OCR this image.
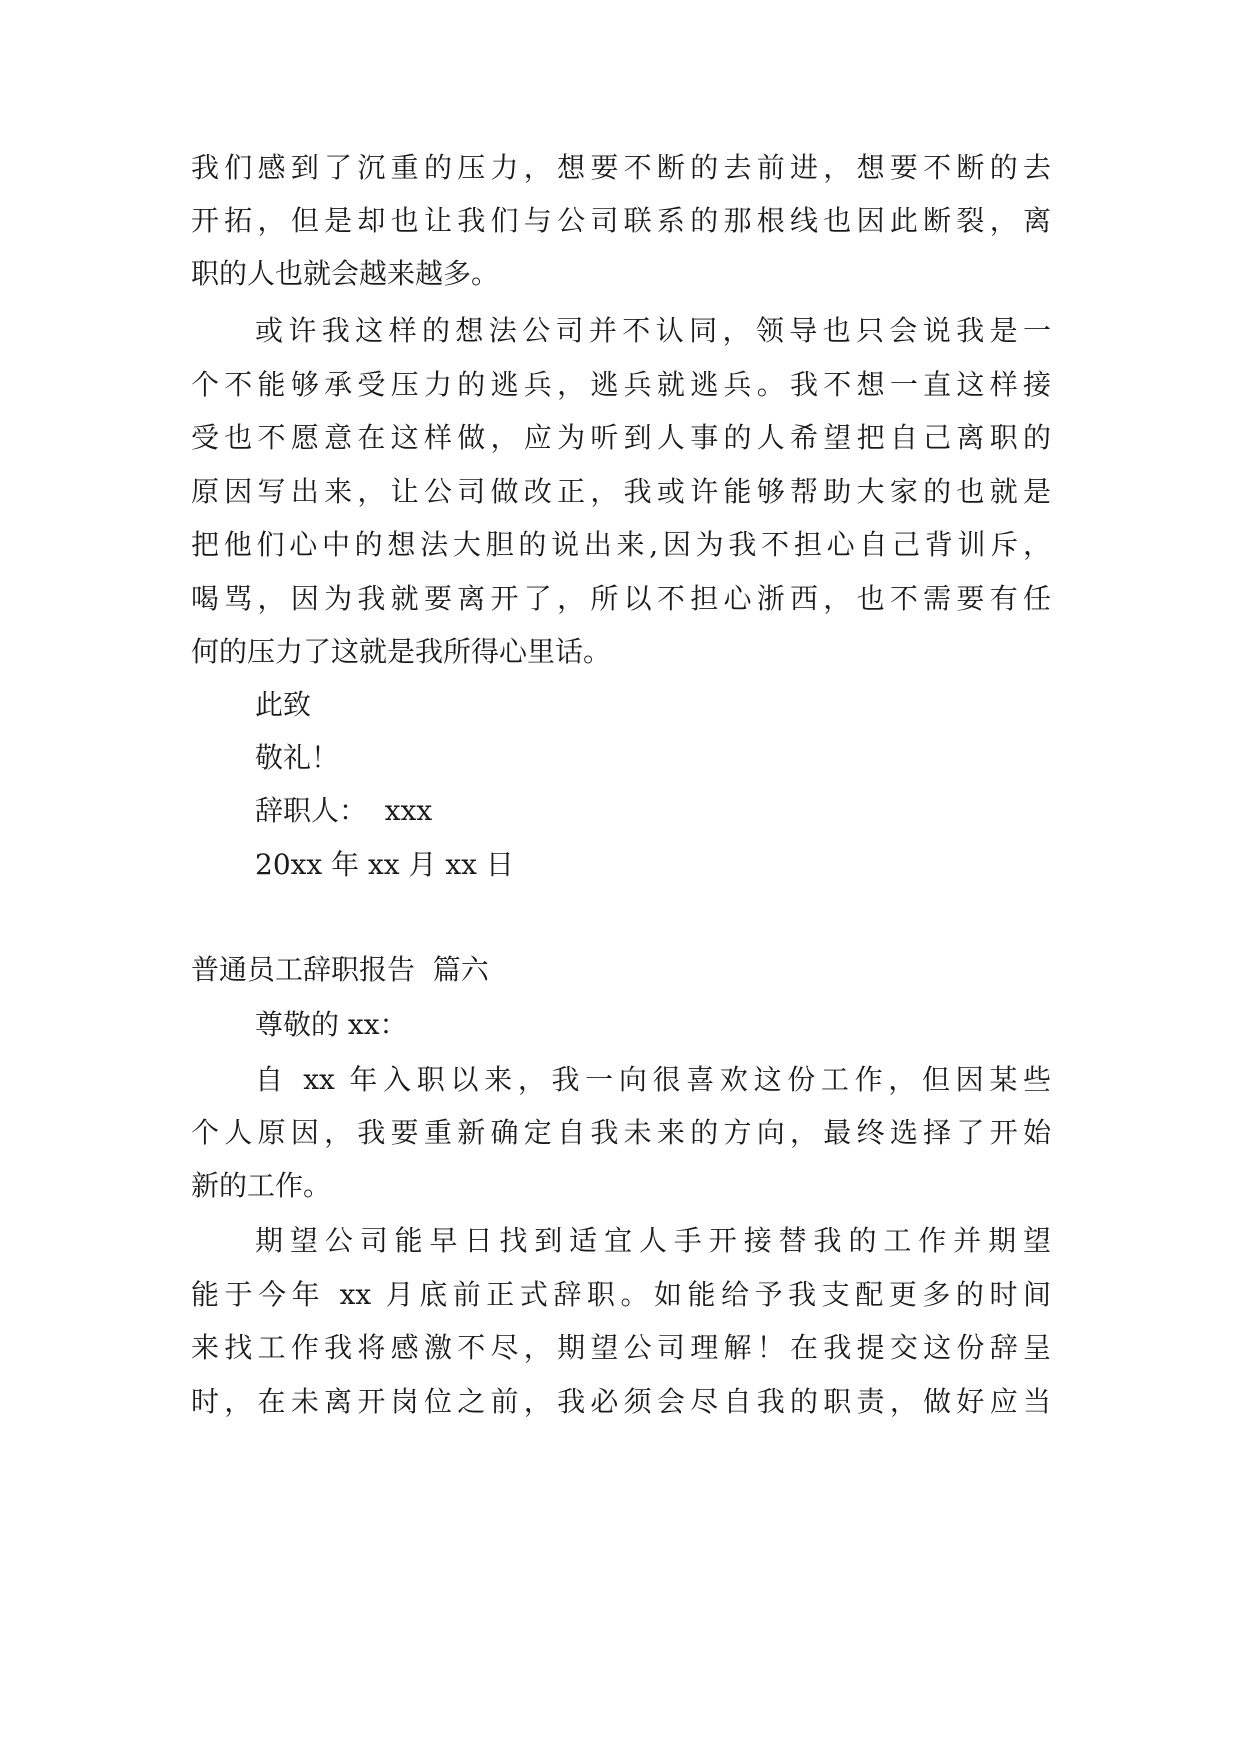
我们感到了沉重的压力，想要不断的去前进，想要不断的去
开拓，但是却也让我们与公司联系的那根线也因此断裂，离
职的人也就会越来越多。
或许我这样的想法公司并不认同，领导也只会说我是一
个不能够承受压力的逃兵，逃兵就逃兵。我不想一直这样接
受也不愿意在这样做，应为听到人事的人希望把自己离职的
原因写出来，让公司做改正，我或许能够帮助大家的也就是
把他们心中的想法大胆的说出来,因为我不担心自己背训斥，
喝骂，因为我就要离开了，所以不担心浙西，也不需要有任
何的压力了这就是我所得心里话。
此致
敬礼！
辞职人：  xxx
20xx 年 xx 月 xx 日
普通员工辞职报告  篇六
尊敬的 xx：
自 xx 年入职以来，我一向很喜欢这份工作，但因某些
个人原因，我要重新确定自我未来的方向，最终选择了开始
新的工作。
期望公司能早日找到适宜人手开接替我的工作并期望
能于今年 xx 月底前正式辞职。如能给予我支配更多的时间
来找工作我将感激不尽，期望公司理解！在我提交这份辞呈
时，在未离开岗位之前，我必须会尽自我的职责，做好应当
